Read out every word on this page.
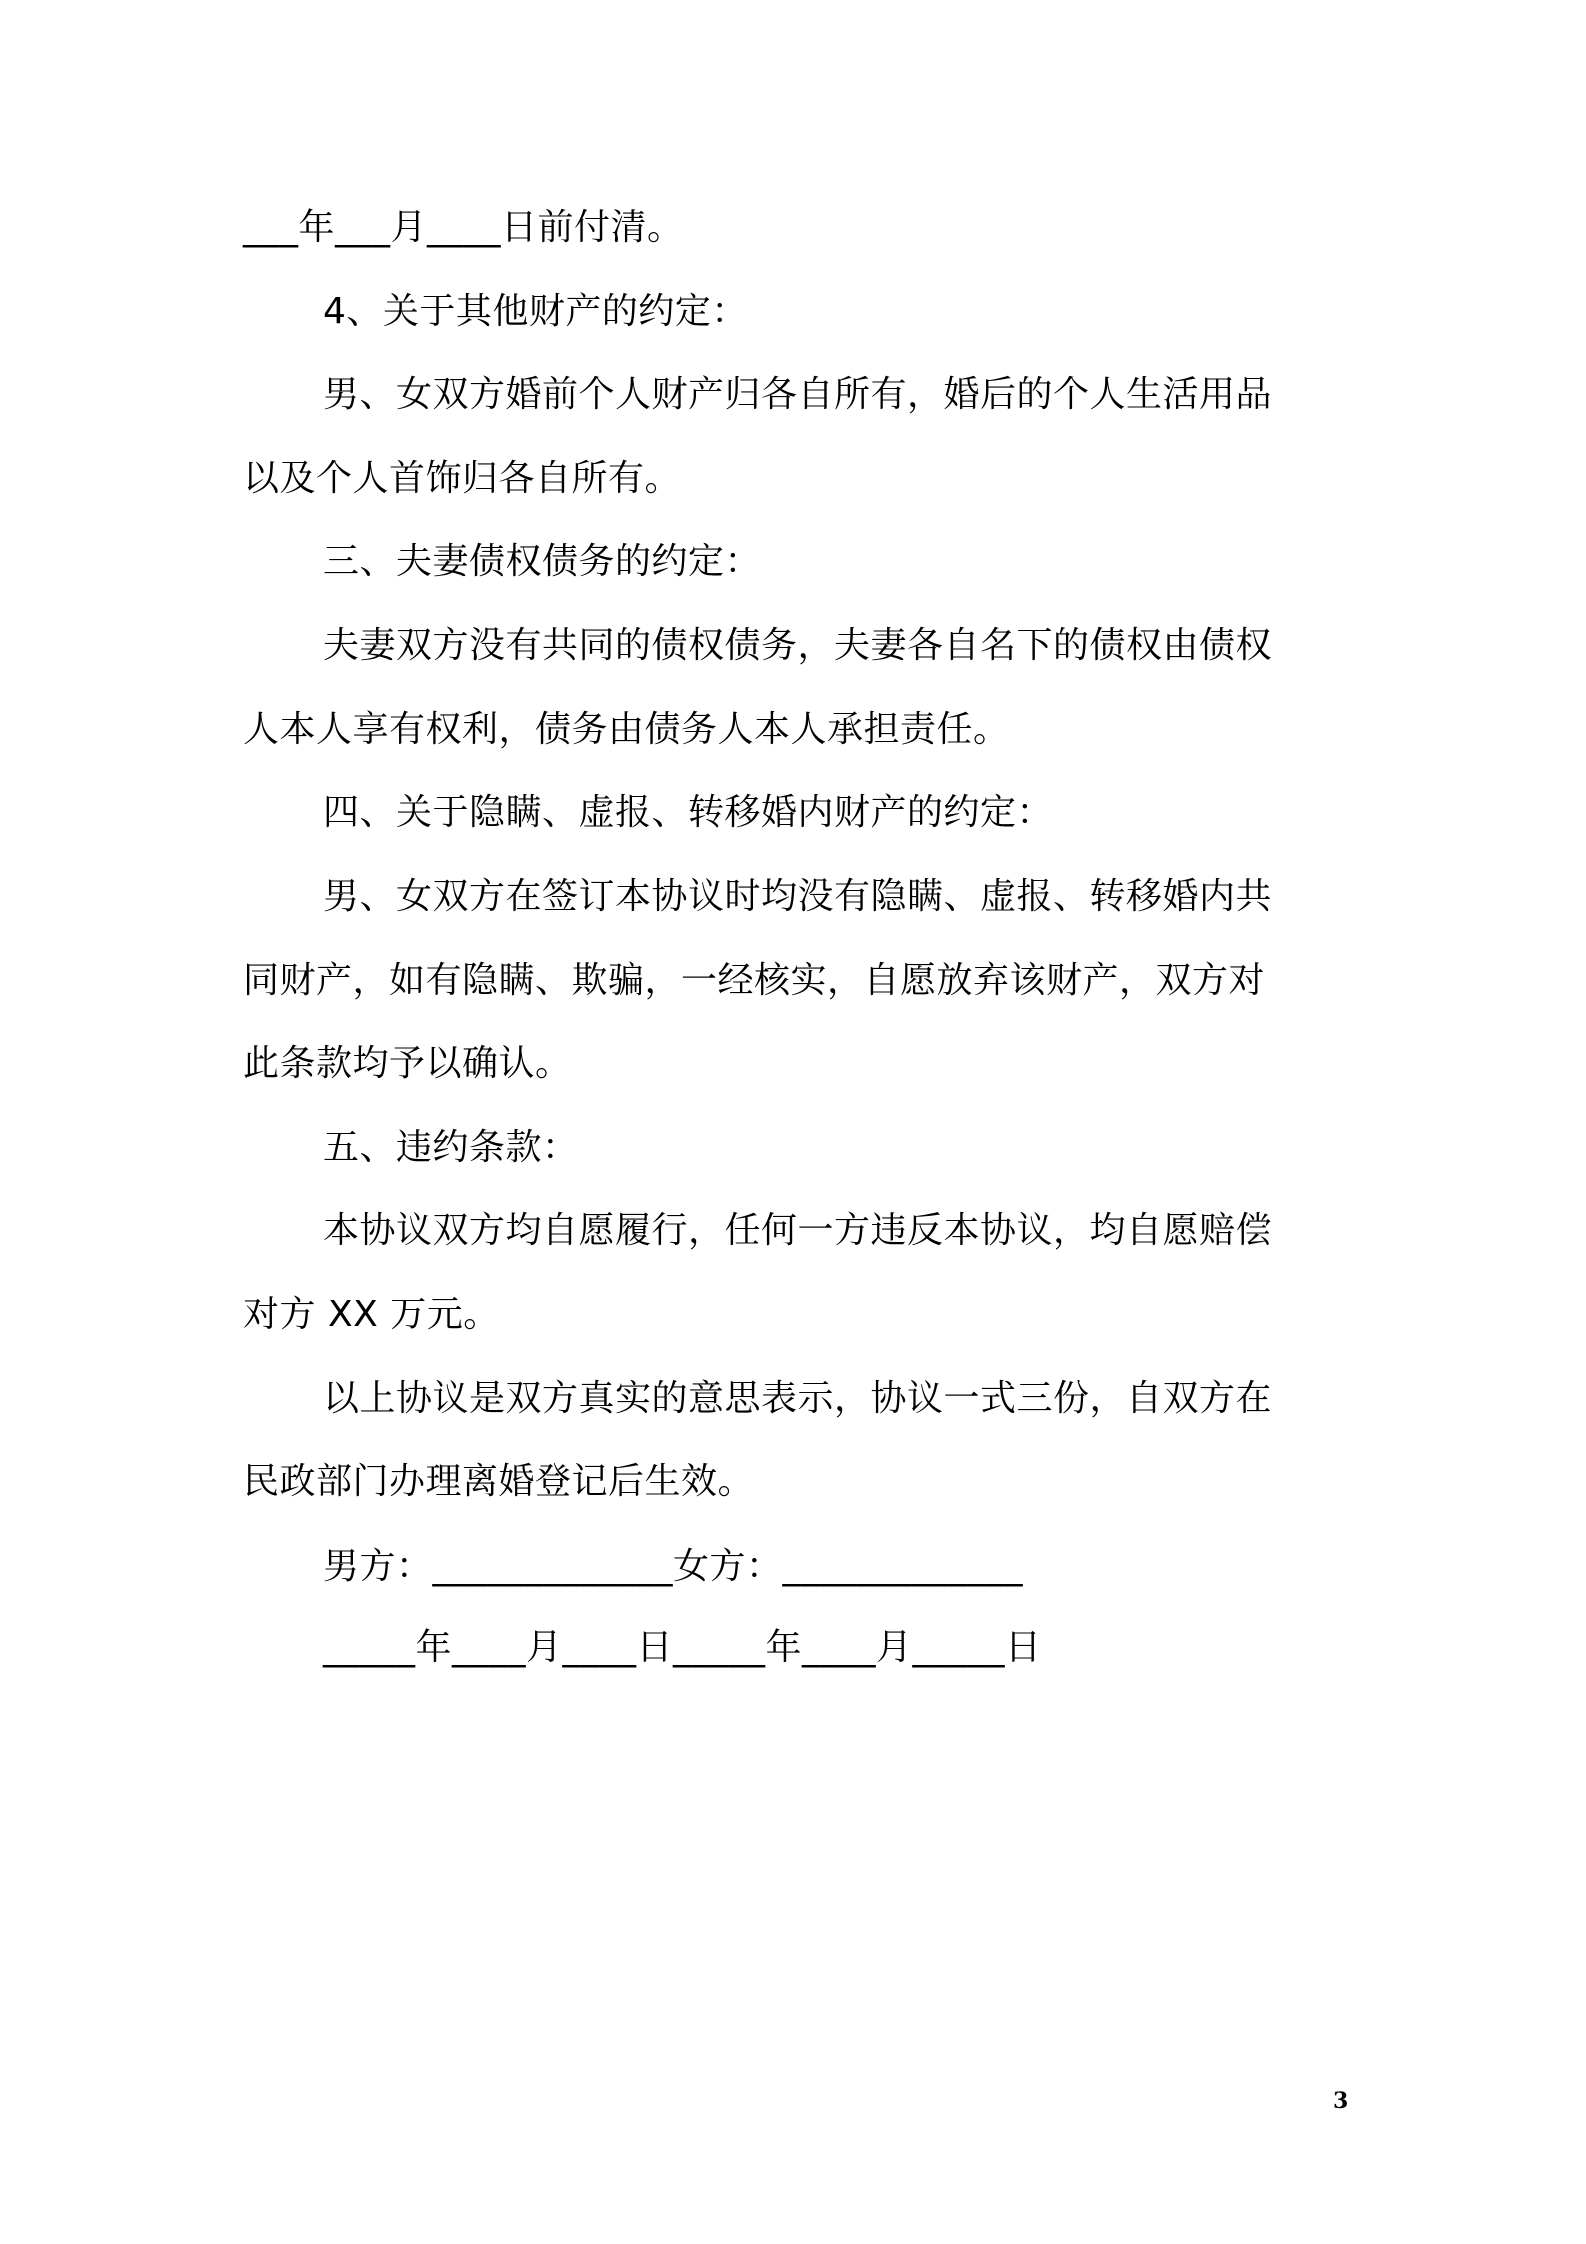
___年___月____日前付清。
4、关于其他财产的约定：
男、女双方婚前个人财产归各自所有，婚后的个人生活用品
以及个人首饰归各自所有。
三、夫妻债权债务的约定：
夫妻双方没有共同的债权债务，夫妻各自名下的债权由债权
人本人享有权利，债务由债务人本人承担责任。
四、关于隐瞒、虚报、转移婚内财产的约定：
男、女双方在签订本协议时均没有隐瞒、虚报、转移婚内共
同财产，如有隐瞒、欺骗，一经核实，自愿放弃该财产，双方对
此条款均予以确认。
五、违约条款：
本协议双方均自愿履行，任何一方违反本协议，均自愿赔偿
对方 XX 万元。
以上协议是双方真实的意思表示，协议一式三份，自双方在
民政部门办理离婚登记后生效。
男方：_____________女方：_____________
_____年____月____日_____年____月_____日
3
